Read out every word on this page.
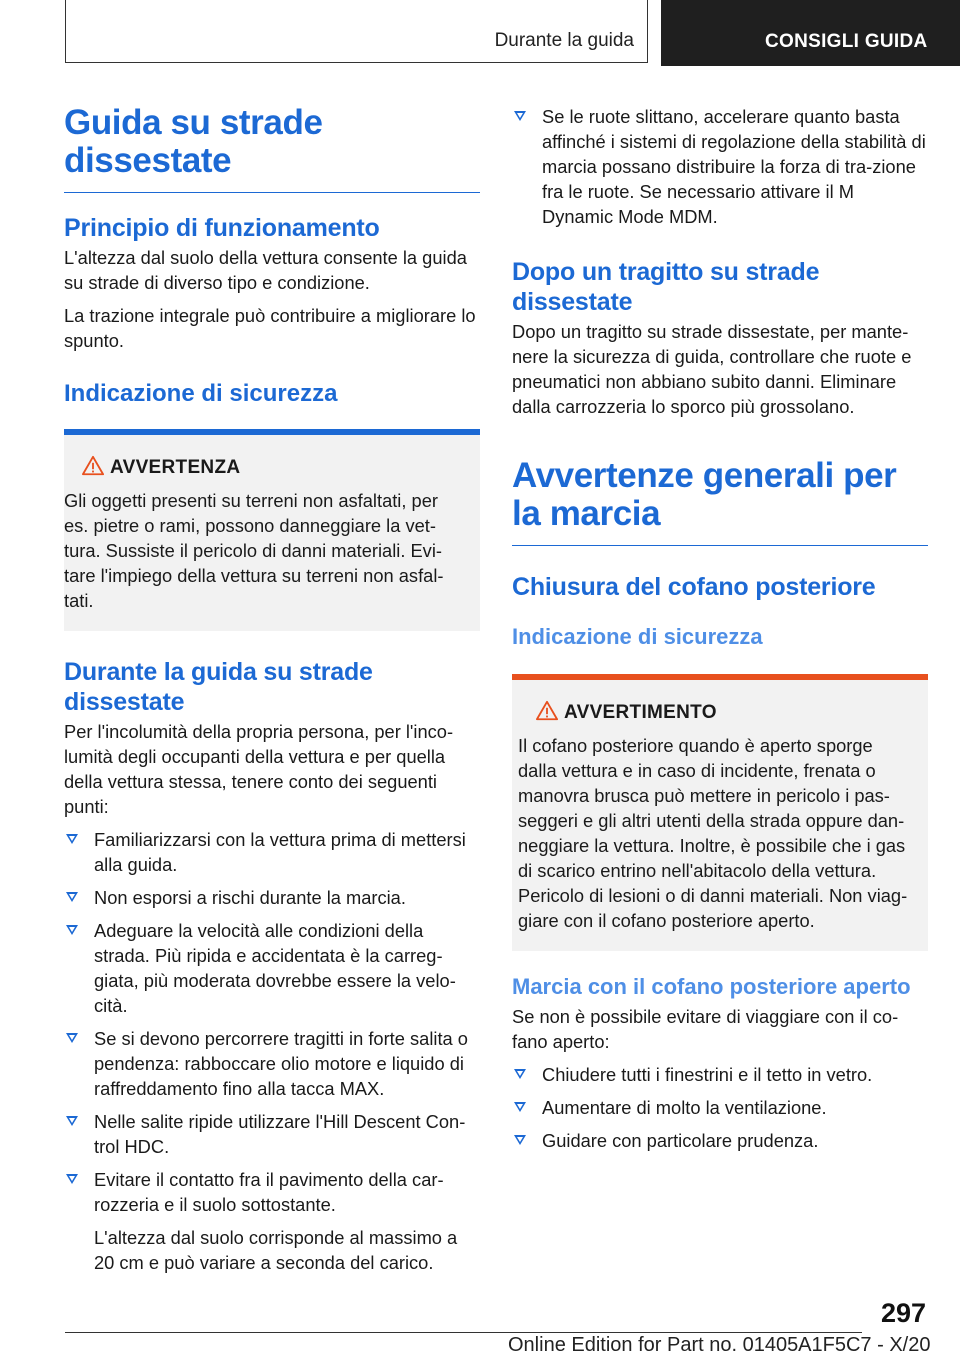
Durante la guida	CONSIGLI GUIDA
Guida su strade dissestate
Principio di funzionamento

L'altezza dal suolo della vettura consente la guida su strade di diverso tipo e condizione.

La trazione integrale può contribuire a migliorare lo spunto.

Indicazione di sicurezza
AVVERTENZA

Gli oggetti presenti su terreni non asfaltati, per es. pietre o rami, possono danneggiare la vet‐tura. Sussiste il pericolo di danni materiali. Evi‐tare l'impiego della vettura su terreni non asfal‐tati.

Durante la guida su strade dissestate

Per l'incolumità della propria persona, per l'inco‐lumità degli occupanti della vettura e per quella della vettura stessa, tenere conto dei seguenti punti:

Familiarizzarsi con la vettura prima di mettersi alla guida.
Non esporsi a rischi durante la marcia.
Adeguare la velocità alle condizioni della strada. Più ripida e accidentata è la carreg‐giata, più moderata dovrebbe essere la velo‐cità.
Se si devono percorrere tragitti in forte salita o pendenza: rabboccare olio motore e liquido di raffreddamento fino alla tacca MAX.
Nelle salite ripide utilizzare l'Hill Descent Con‐trol HDC.
Evitare il contatto fra il pavimento della car‐rozzeria e il suolo sottostante.
L'altezza dal suolo corrisponde al massimo a 20 cm e può variare a seconda del carico.
Se le ruote slittano, accelerare quanto basta affinché i sistemi di regolazione della stabilità di marcia possano distribuire la forza di tra‐zione fra le ruote. Se necessario attivare il M Dynamic Mode MDM.
Dopo un tragitto su strade dissestate

Dopo un tragitto su strade dissestate, per mante‐nere la sicurezza di guida, controllare che ruote e pneumatici non abbiano subito danni. Eliminare dalla carrozzeria lo sporco più grossolano.

Avvertenze generali per la marcia
Chiusura del cofano posteriore
Indicazione di sicurezza
AVVERTIMENTO

Il cofano posteriore quando è aperto sporge dalla vettura e in caso di incidente, frenata o manovra brusca può mettere in pericolo i pas‐seggeri e gli altri utenti della strada oppure dan‐neggiare la vettura. Inoltre, è possibile che i gas di scarico entrino nell'abitacolo della vettura. Pericolo di lesioni o di danni materiali. Non viag‐giare con il cofano posteriore aperto.

Marcia con il cofano posteriore aperto

Se non è possibile evitare di viaggiare con il co‐fano aperto:

Chiudere tutti i finestrini e il tetto in vetro.
Aumentare di molto la ventilazione.
Guidare con particolare prudenza.
297
Online Edition for Part no. 01405A1F5C7 - X/20
